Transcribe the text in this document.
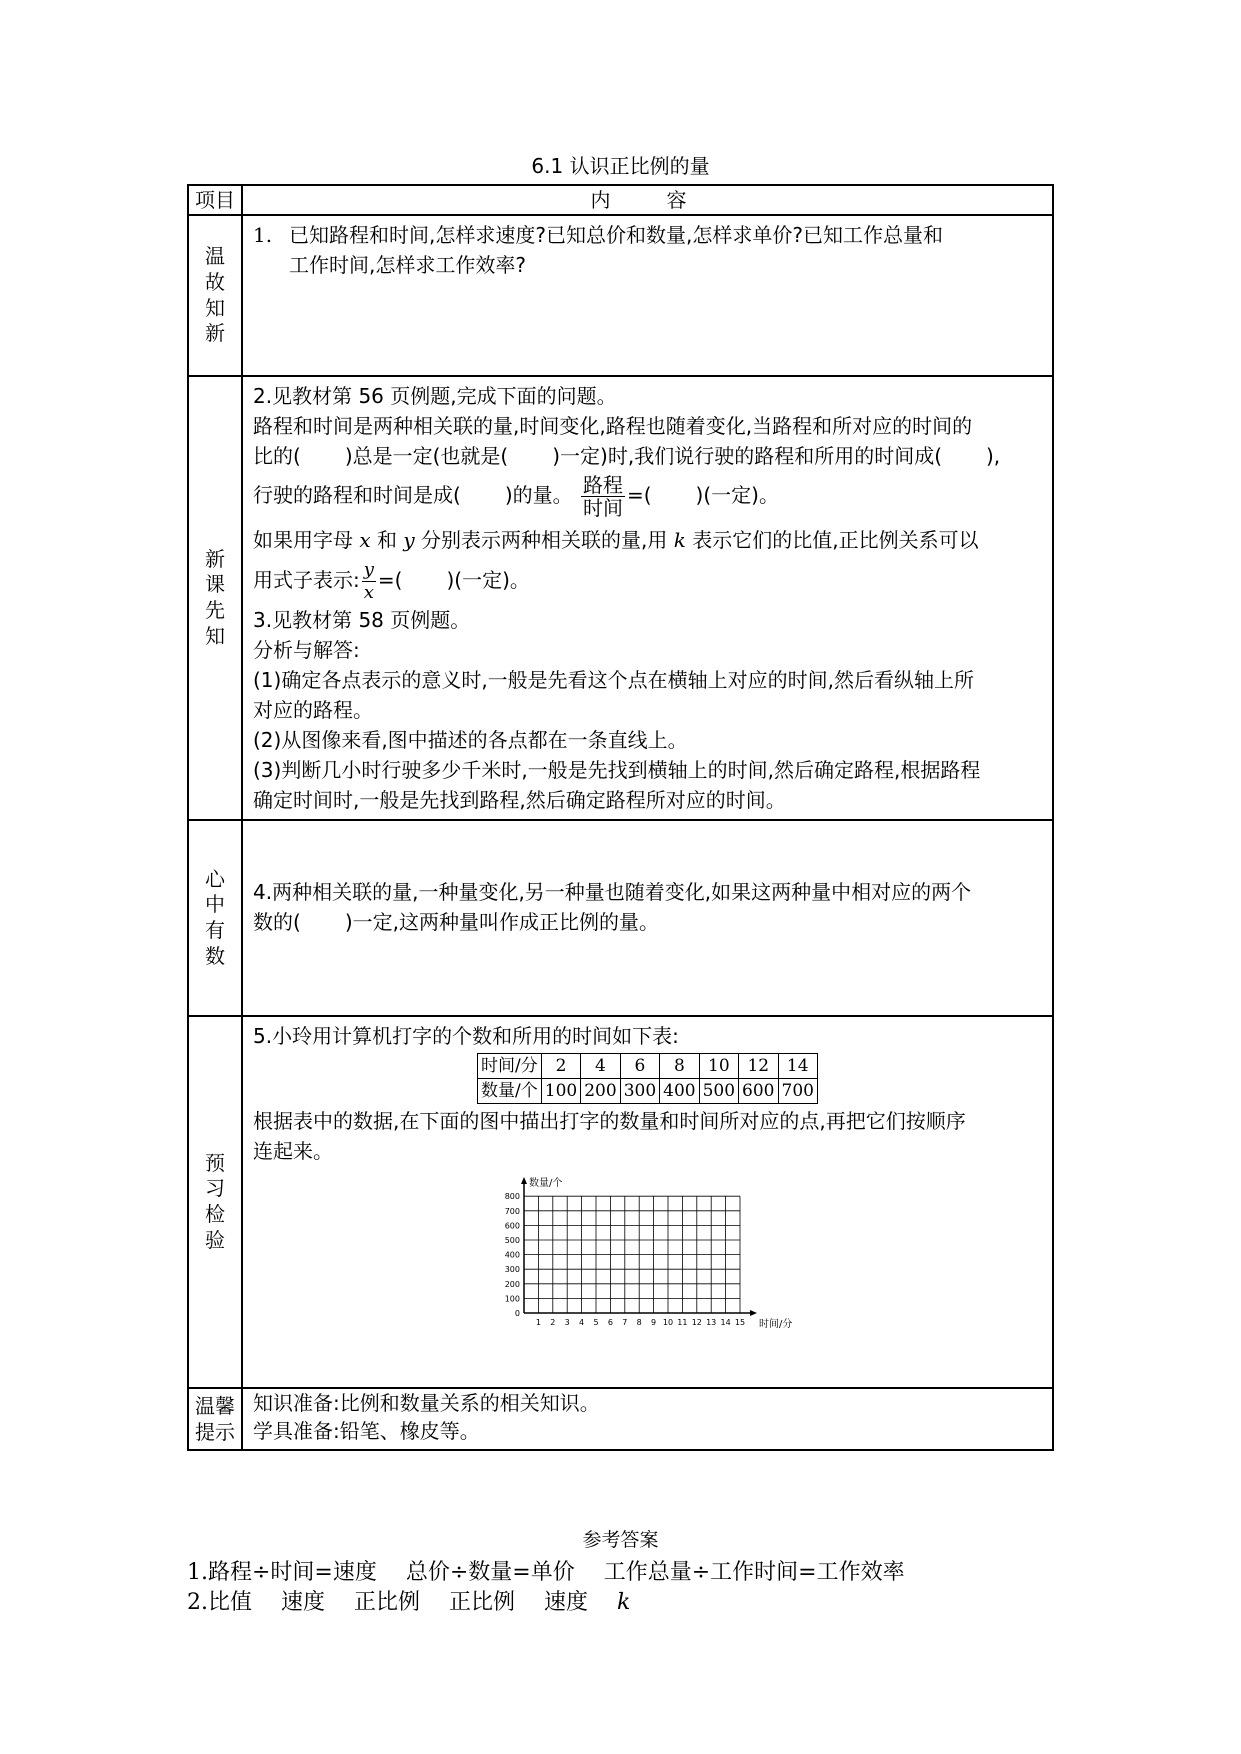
6.1 认识正比例的量
项目	内　容

温故知新

1. 已知路程和时间,怎样求速度?已知总价和数量,怎样求单价?已知工作总量和
工作时间,怎样求工作效率?

新课先知

2.见教材第 56 页例题,完成下面的问题。
路程和时间是两种相关联的量,时间变化,路程也随着变化,当路程和所对应的时间的
比的( )总是一定(也就是( )一定)时,我们说行驶的路程和所用的时间成( ),
行驶的路程和时间是成( )的量。 $\frac{\text{路程}}{\text{时间}}$ =( )(一定)。
如果用字母 x 和 y 分别表示两种相关联的量,用 k 表示它们的比值,正比例关系可以
用式子表示: $\frac{y}{x}$ =( )(一定)。
3.见教材第 58 页例题。
分析与解答:
(1)确定各点表示的意义时,一般是先看这个点在横轴上对应的时间,然后看纵轴上所
对应的路程。
(2)从图像来看,图中描述的各点都在一条直线上。
(3)判断几小时行驶多少千米时,一般是先找到横轴上的时间,然后确定路程,根据路程
确定时间时,一般是先找到路程,然后确定路程所对应的时间。

心中有数

4.两种相关联的量,一种量变化,另一种量也随着变化,如果这两种量中相对应的两个
数的( )一定,这两种量叫作成正比例的量。

预习检验

5.小玲用计算机打字的个数和所用的时间如下表:
时间/分	2	4	6	8	10	12	14
数量/个	100	200	300	400	500	600	700
根据表中的数据,在下面的图中描出打字的数量和时间所对应的点,再把它们按顺序
连起来。
数量/个
时间/分
0
100
200
300
400
500
600
700
800
1 2 3 4 5 6 7 8 9 10 11 12 13 14 15

温馨
提示

知识准备:比例和数量关系的相关知识。
学具准备:铅笔、橡皮等。
参考答案
1.路程÷时间=速度　 总价÷数量=单价　 工作总量÷工作时间=工作效率
2.比值　 速度　 正比例　 正比例　 速度　 k
